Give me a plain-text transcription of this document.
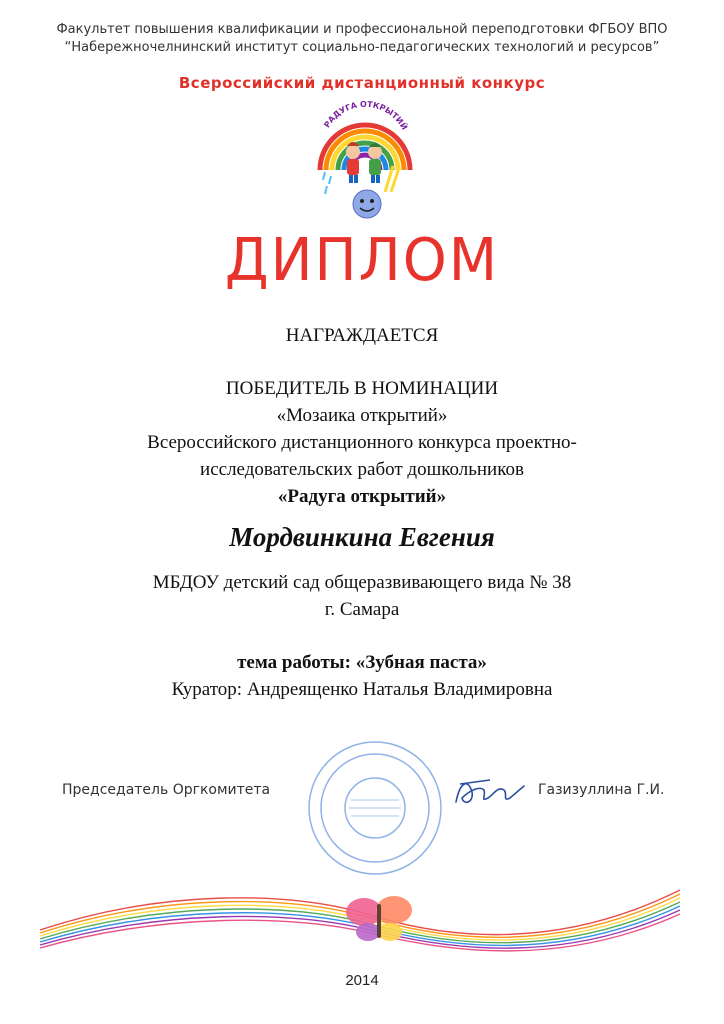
Факультет повышения квалификации и профессиональной переподготовки ФГБОУ ВПО
“Набережночелнинский институт социально-педагогических технологий и ресурсов”
Всероссийский дистанционный конкурс
РАДУГА ОТКРЫТИЙ
ДИПЛОМ
НАГРАЖДАЕТСЯ
ПОБЕДИТЕЛЬ В НОМИНАЦИИ
«Мозаика открытий»
Всероссийского дистанционного конкурса проектно-
исследовательских работ дошкольников
«Радуга открытий»
Мордвинкина Евгения
МБДОУ детский сад общеразвивающего вида № 38
г. Самара
тема работы: «Зубная паста»
Куратор: Андреященко Наталья Владимировна
Председатель Оргкомитета	Газизуллина Г.И.
2014
